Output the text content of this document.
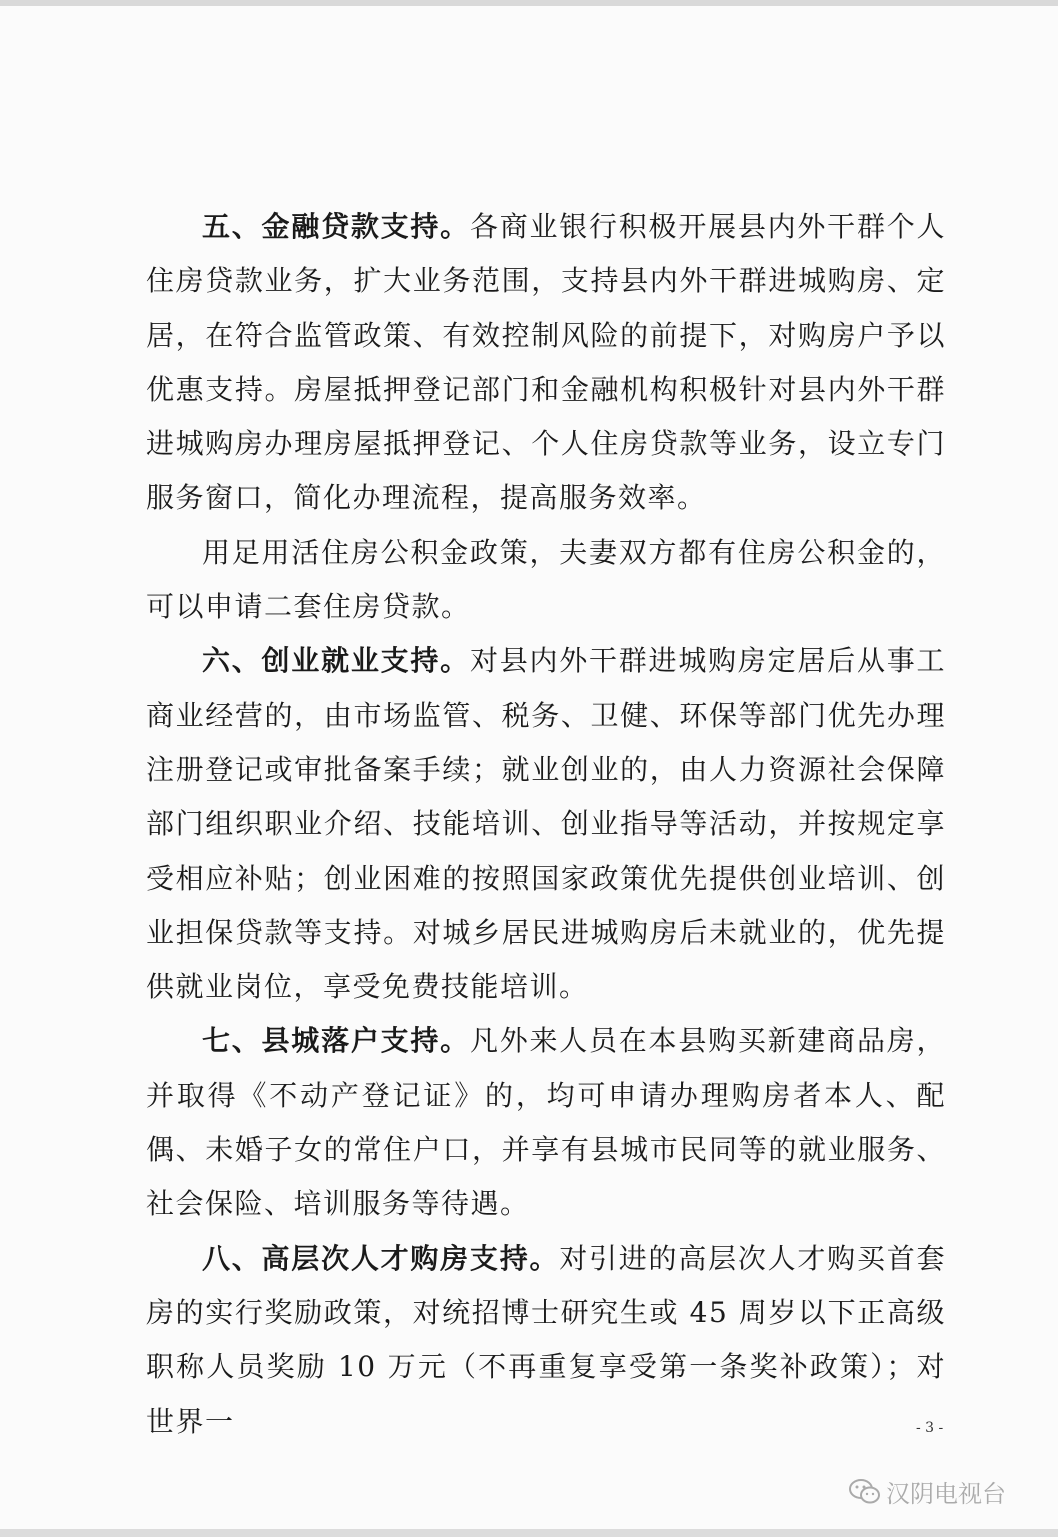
五、金融贷款支持。各商业银行积极开展县内外干群个人住房贷款业务，扩大业务范围，支持县内外干群进城购房、定居，在符合监管政策、有效控制风险的前提下，对购房户予以优惠支持。房屋抵押登记部门和金融机构积极针对县内外干群进城购房办理房屋抵押登记、个人住房贷款等业务，设立专门服务窗口，简化办理流程，提高服务效率。

用足用活住房公积金政策，夫妻双方都有住房公积金的，可以申请二套住房贷款。

六、创业就业支持。对县内外干群进城购房定居后从事工商业经营的，由市场监管、税务、卫健、环保等部门优先办理注册登记或审批备案手续；就业创业的，由人力资源社会保障部门组织职业介绍、技能培训、创业指导等活动，并按规定享受相应补贴；创业困难的按照国家政策优先提供创业培训、创业担保贷款等支持。对城乡居民进城购房后未就业的，优先提供就业岗位，享受免费技能培训。

七、县城落户支持。凡外来人员在本县购买新建商品房，并取得《不动产登记证》的，均可申请办理购房者本人、配偶、未婚子女的常住户口，并享有县城市民同等的就业服务、社会保险、培训服务等待遇。

八、高层次人才购房支持。对引进的高层次人才购买首套房的实行奖励政策，对统招博士研究生或 45 周岁以下正高级职称人员奖励 10 万元（不再重复享受第一条奖补政策）；对世界一	- 3 -
汉阴电视台
